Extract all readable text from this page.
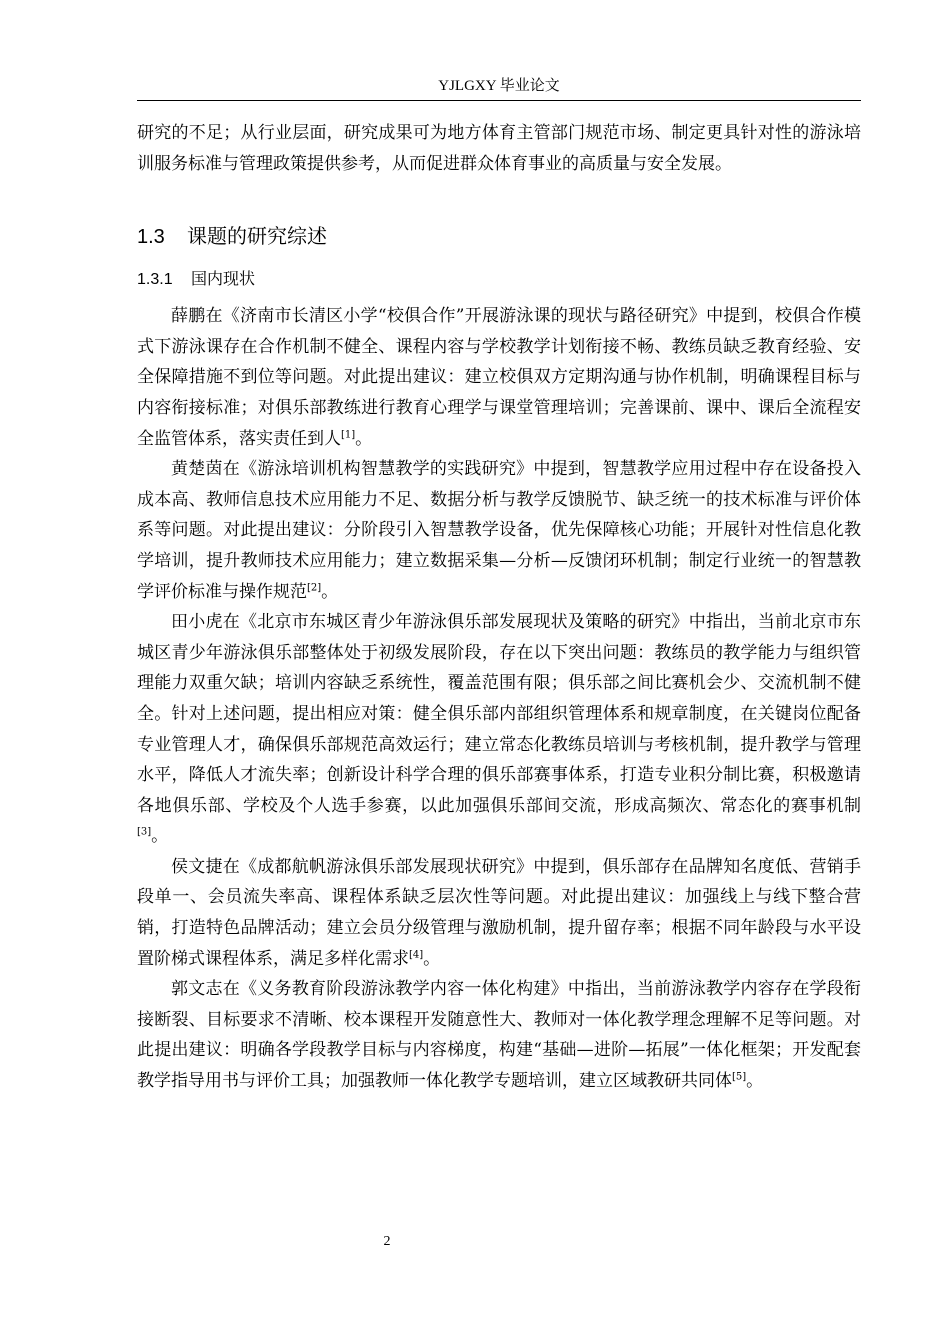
YJLGXY 毕业论文

研究的不足；从行业层面，研究成果可为地方体育主管部门规范市场、制定更具针对性的游泳培训服务标准与管理政策提供参考，从而促进群众体育事业的高质量与安全发展。

1.3 课题的研究综述
1.3.1 国内现状

薛鹏在《济南市长清区小学“校俱合作”开展游泳课的现状与路径研究》中提到，校俱合作模式下游泳课存在合作机制不健全、课程内容与学校教学计划衔接不畅、教练员缺乏教育经验、安全保障措施不到位等问题。对此提出建议：建立校俱双方定期沟通与协作机制，明确课程目标与内容衔接标准；对俱乐部教练进行教育心理学与课堂管理培训；完善课前、课中、课后全流程安全监管体系，落实责任到人[1]。

黄楚茵在《游泳培训机构智慧教学的实践研究》中提到，智慧教学应用过程中存在设备投入成本高、教师信息技术应用能力不足、数据分析与教学反馈脱节、缺乏统一的技术标准与评价体系等问题。对此提出建议：分阶段引入智慧教学设备，优先保障核心功能；开展针对性信息化教学培训，提升教师技术应用能力；建立数据采集—分析—反馈闭环机制；制定行业统一的智慧教学评价标准与操作规范[2]。

田小虎在《北京市东城区青少年游泳俱乐部发展现状及策略的研究》中指出，当前北京市东城区青少年游泳俱乐部整体处于初级发展阶段，存在以下突出问题：教练员的教学能力与组织管理能力双重欠缺；培训内容缺乏系统性，覆盖范围有限；俱乐部之间比赛机会少、交流机制不健全。针对上述问题，提出相应对策：健全俱乐部内部组织管理体系和规章制度，在关键岗位配备专业管理人才，确保俱乐部规范高效运行；建立常态化教练员培训与考核机制，提升教学与管理水平，降低人才流失率；创新设计科学合理的俱乐部赛事体系，打造专业积分制比赛，积极邀请各地俱乐部、学校及个人选手参赛，以此加强俱乐部间交流，形成高频次、常态化的赛事机制[3]。

侯文捷在《成都航帆游泳俱乐部发展现状研究》中提到，俱乐部存在品牌知名度低、营销手段单一、会员流失率高、课程体系缺乏层次性等问题。对此提出建议：加强线上与线下整合营销，打造特色品牌活动；建立会员分级管理与激励机制，提升留存率；根据不同年龄段与水平设置阶梯式课程体系，满足多样化需求[4]。

郭文志在《义务教育阶段游泳教学内容一体化构建》中指出，当前游泳教学内容存在学段衔接断裂、目标要求不清晰、校本课程开发随意性大、教师对一体化教学理念理解不足等问题。对此提出建议：明确各学段教学目标与内容梯度，构建“基础—进阶—拓展”一体化框架；开发配套教学指导用书与评价工具；加强教师一体化教学专题培训，建立区域教研共同体[5]。

2
